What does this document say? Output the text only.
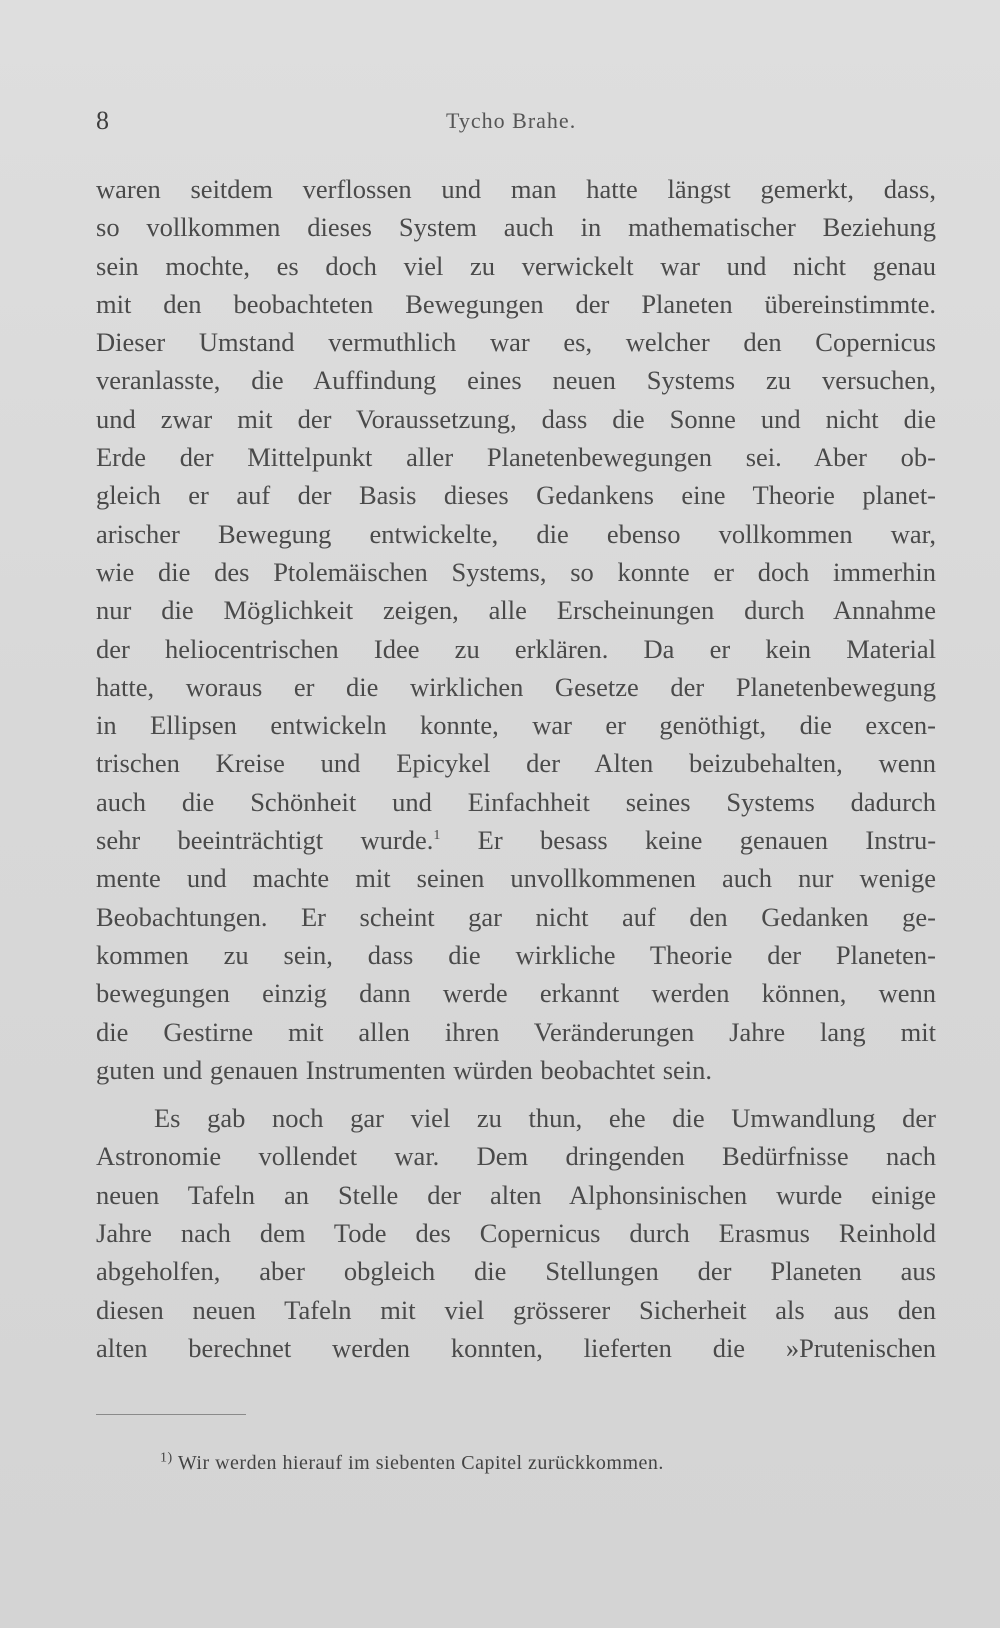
8	Tycho Brahe.
waren seitdem verflossen und man hatte längst gemerkt, dass,
so vollkommen dieses System auch in mathematischer Beziehung
sein mochte, es doch viel zu verwickelt war und nicht genau
mit den beobachteten Bewegungen der Planeten übereinstimmte.
Dieser Umstand vermuthlich war es, welcher den Copernicus
veranlasste, die Auffindung eines neuen Systems zu versuchen,
und zwar mit der Voraussetzung, dass die Sonne und nicht die
Erde der Mittelpunkt aller Planetenbewegungen sei. Aber ob-
gleich er auf der Basis dieses Gedankens eine Theorie planet-
arischer Bewegung entwickelte, die ebenso vollkommen war,
wie die des Ptolemäischen Systems, so konnte er doch immerhin
nur die Möglichkeit zeigen, alle Erscheinungen durch Annahme
der heliocentrischen Idee zu erklären. Da er kein Material
hatte, woraus er die wirklichen Gesetze der Planetenbewegung
in Ellipsen entwickeln konnte, war er genöthigt, die excen-
trischen Kreise und Epicykel der Alten beizubehalten, wenn
auch die Schönheit und Einfachheit seines Systems dadurch
sehr beeinträchtigt wurde.$^1$ Er besass keine genauen Instru-
mente und machte mit seinen unvollkommenen auch nur wenige
Beobachtungen. Er scheint gar nicht auf den Gedanken ge-
kommen zu sein, dass die wirkliche Theorie der Planeten-
bewegungen einzig dann werde erkannt werden können, wenn
die Gestirne mit allen ihren Veränderungen Jahre lang mit
guten und genauen Instrumenten würden beobachtet sein.
Es gab noch gar viel zu thun, ehe die Umwandlung der
Astronomie vollendet war. Dem dringenden Bedürfnisse nach
neuen Tafeln an Stelle der alten Alphonsinischen wurde einige
Jahre nach dem Tode des Copernicus durch Erasmus Reinhold
abgeholfen, aber obgleich die Stellungen der Planeten aus
diesen neuen Tafeln mit viel grösserer Sicherheit als aus den
alten berechnet werden konnten, lieferten die »Prutenischen
$^{1)}$ Wir werden hierauf im siebenten Capitel zurückkommen.
